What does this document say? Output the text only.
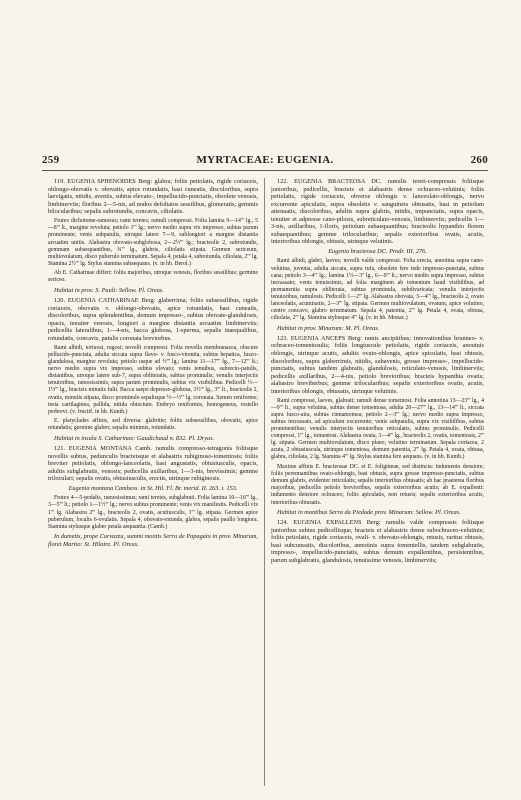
259	MYRTACEAE: EUGENIA.	260

119. EUGENIA SPHENOIDES Berg: glabra; foliis petiolatis, rigide coriaceis, oblongo-obovatis v. obovatis, apice rotundatis, basi cuneatis, discoloribus, supra laevigatis, nitidis, aveniis, subtus elevato-, impellucido-punctatis, obsolete venosis, limbinerviis; floribus 2—5-nis, ad nodos defoliatos sessilibus, glomeratis; gemmis bilocularibus; sepalis subrotundis, concavis, ciliolatis.

Frutex dichotome-ramosus; rami teretes; ramuli compressi. Folia lamina 9—14''' lg., 5—8''' lt., margine revoluta; petiolo 1''' lg.; nervo medio supra vix impresso, subtus parum prominente; venis subpatulis, utroque latere 7—9, sublongiori a margine distantia arcuatim unitis. Alabastra obovato-subglobosa, 2—2½''' lg.; bracteolis 2, subrotundis, gemmam subaequantibus, ¾''' lg., glabris, ciliolatis stipata. Germen sericeum, multiovulatum, disco puberulo terminatum. Sepala 4, petala 4, subrotunda, ciliolata, 2''' lg. Stamina 2½''' lg. Stylus stamina subaequans. (v. in hb. Berol.)

Ab E. Catharinae differt: foliis majoribus, utroque venosis, floribus sessilibus; germine sericeo.

Habitat in prov. S. Pauli: Sellow. Pl. Oreas.

120. EUGENIA CATHARINAE Berg: glaberrima; foliis subsessilibus, rigide coriaceis, obovatis v. oblongo-obovatis, apice rotundatis, basi cuneatis, discoloribus, supra splendentibus, demum impresso-, subtus obovate-glandulosis, opacis, tenuiter venosis, longiori a margine distantia arcuatim limbinerviis; pedicellis lateralibus, 1—4-nis, bacca globosa, 1-sperma, sepalis inaequalibus, rotundatis, concavis, patulis coronata breviorbus.

Rami albidi, tortuosi, rugosi; novelli compressi. Folia novella membranacea, obscure pellucido-punctata, adulta siccata supra flavo- v. fusco-virentia, subtus hepatica, fusco-glandulosa, margine revoluta; petiolo usque ad ½''' lg.; lamina 11—17''' lg., 7—12''' lt.; nervo medio supra vix impresso, subtus elevato; venis tenuibus, subrecto-patulis, distantibus, utroque latere sub-7, supra obliteratis, subtus prominulis; venulis interjectis tenuioribus, ramosissimis, supra parum prominulis, subtus vix visibilibus. Pedicelli ½—1½''' lg., bracteis minutis fulti. Bacca saepe depresso-globosa, 3½''' lg., 3''' lt., bracteolis 2, ovatis, minutis stipata, disco prominulo sepalisque ½—½''' lg. coronata. Semen reniforme; testa cartilaginea, pallida, nitida obtectum. Embryo reniformis, homogeneus, rostello perbrevi. (v. fructif. in hb. Kunth.)

E. platyclades affinis, sed diversa: glabritie; foliis subsessilibus, obovatis, apice retundatis; germine glabro; sepalis minimis, rotundatis.

Habitat in insula S. Catharinae: Gaudichaud n. 832. Pl. Dryas.

121. EUGENIA MONTANA Camb. ramulis compresso-tetragonis foliisque novellis subtus, pedunculis bracteisque et alabastris rubiginoso-tomentosis; foliis breviter petiolatis, oblongo-lanceolatis, basi angustatis, obtusiusculis, opacis, adultis subglabratis, venosis; pedicellis axillaribus, 1—3-nis, brevissimis; gemme triloculari; sepalis ovatis, obtusiusculis, erectis, utrinque rubiginosis.

Eugenia montana Cambess. in St. Hil. Fl. Br. merid. II. 263. t. 153.

Frutex 4—5-pedalis, ramosissimus; rami teretes, subglabrati. Folia lamina 10—16''' lg., 3—5''' lt.; petiolo 1—1½''' lg.; nervo subtus prominente; venis vix manifestis. Pedicelli vix 1''' lg. Alabastra 2''' lg., bracteolis 2, ovatis, acutiusculis, 1''' lg. stipata. Germen apice puberulum, loculis 6-ovulatis. Sepala 4, obovato-rotunda, glabra, sepalis paullo longiora. Stamina stylusque glaber petala aequantia. (Camb.)

In dumetis, prope Curvazzu, summi montis Serra de Papagaio in prov. Minarum, floret Martio: St. Hilaire. Pl. Oreas.

122. EUGENIA BRACTEOSA DC. ramulis tereti-compressis foliisque junioribus, pedicellis, bracteis et alabastris dense ochraceo-velutinis; foliis petiolatis, rigide coriaceis, obverse oblongis v. lanceolato-oblongis, nervo excurrente apiculatis, supra obsoletis v. sanguineis obtusatis, basi in petiolum attenuatis, discoloribus, adultis supra glabris, nitidis, impunctatis, supra opacis, tenuiter et adpresse cano-pilosis, subreticulato-venosis, limbinerviis; pedicellis 1—3-nis, axillaribus, 1-floris, petiolum subaequantibus; bracteolis hypanthio florem subaequantibus; gemme trilocularibus; sepalis exterioribus ovatis, acutis, interioribus oblongis, obtusis, utrinque velutinis.

Eugenia bracteosa DC. Prodr. III. 276.

Rami albidi, glabri, laeves; novelli valde compressi. Folia erecta, annotina supra cano-velutina, juvenia, adulta siccata, supra rufa, obsolete fere inde impresso-punctata, subtus cana; petiolo 3—4''' lg.; lamina 1½—3'' lg., 6—9''' lt.; nervo medio supra impresso, subtus incrassato; venis tenuissimis, ad folia marginem ab tomentum haud visibilibus, ad permanentia supra obliterata, subtus prominula, subdivaricata; venulis interjectis tenuioribus, ramulosis. Pedicelli 1—2''' lg. Alabastra obovata, 3—4''' lg., bracteolis 2, ovato lanceolatis, acuminatis, 2—3''' lg. stipata. Germen multiovulatum, ovatum, apice volutino, centro concavo, glabro terminatum. Sepala 4, patentia, 2''' lg. Petala 4, ovata, obtusa, ciliolata, 2''' lg. Stamina stylusque 4''' lg. (v. in hb. Monac.)

Habitat in prov. Minarum: M. Pl. Oreas.

123. EUGENIA ANCEPS Berg: ramis ancipitibus; innovationibus brunneo- v. ochraceo-tomentosulis; foliis longiuscule petiolatis, rigide coriaceis, anoutuis oblongis, utrinque acutis, adultis ovato-oblongis, apice spiculatis, basi obtusis, discoloribus, supra glaberrimis, nitidis, subavenis, grosse impresso-, impellucido-punctatis, subtus tandem glabratis, glandulosis, reticulato-venosis, limbinerviis; pedicellis axillaribus, 2—4-nis, petiolo brevioribus; bracteis hypanthia ovatis; alabastro breviberbus; gemme trilocularibus; sepalis exterioribus ovatis, acutis, interioribus oblongis, obtusatis, utrinque velutinis.

Rami compressi, laeves, glabrati; ramuli dense tomentosi. Folia annotina 13—23''' lg., 4—9''' lt., supra velutina, subtus dense tomentosa, adulta 20—27''' lg., 13—14''' lt., siccata supra fusco-atra, subtus cinnamomea; petiolo 2—3''' lg.; nervo medio supra impresso, subtus incrassato, ad apiculum excurrente; venis subpatulis, supra vix visibilibus, subtus prominentibus; venulis interjectis tenuioribus reticulatis, subtus prominulis. Pedicelli compressi, 1''' lg., tomentosi. Alabastra ovata, 3—4''' lg., bracteolis 2, ovatis, tomentosis, 2''' lg. stipata. Germen multiovulatum, disco plano, velutino terminatum. Sepala coriacea, 2 acuta, 2 obtusiuscula, utrinque tomentosa, demum patentia, 2''' lg. Petala 4, ovata, obtusa, glabra, ciliolata, 2 lg. Stamina 4''' lg. Stylus stamina fere aequans. (v. in hb. Kunth.)

Maxime affinis E. bracteosae DC. et E. foligineae, sed distincta: indumento densiore; foliis perennantibus ovato-oblongis, basi obtusis, supra grosse impresso-punctatis, subtus demum glabris, evidenter reticulatis; sepalis interioribus obtusatis; ab hac praeterea floribus majoribus, pedicellis petiolo brevioribus, sepalis exterioribus acutis; ab E. expallenti: indumento densiore ochraceo; foliis apiculatis, non retusis; sepalis exterioribus acutis, interioribus obtusatis.

Habitat in montibus Serra da Piedade prov. Minarum: Sellow. Pl. Oreas.

124. EUGENIA EXPALLENS Berg: ramulis valde compressis foliisque junioribus subtus pedicellisque, bracteis et alabastris dense subochraceo-velutinis; foliis petiolatis, rigide coriaceis, ovali- v. obovato-oblongis, retusis, raritus obtusis, basi subcuneatis, discoloribus, annotinis supra tomentellis, tandem subglabratis, impresso-, impellucido-punctatis, subtus demum expallentibus, persistentibus, parum subglabratis, glandulosis, tenuissime venosis, limbinerviis;
